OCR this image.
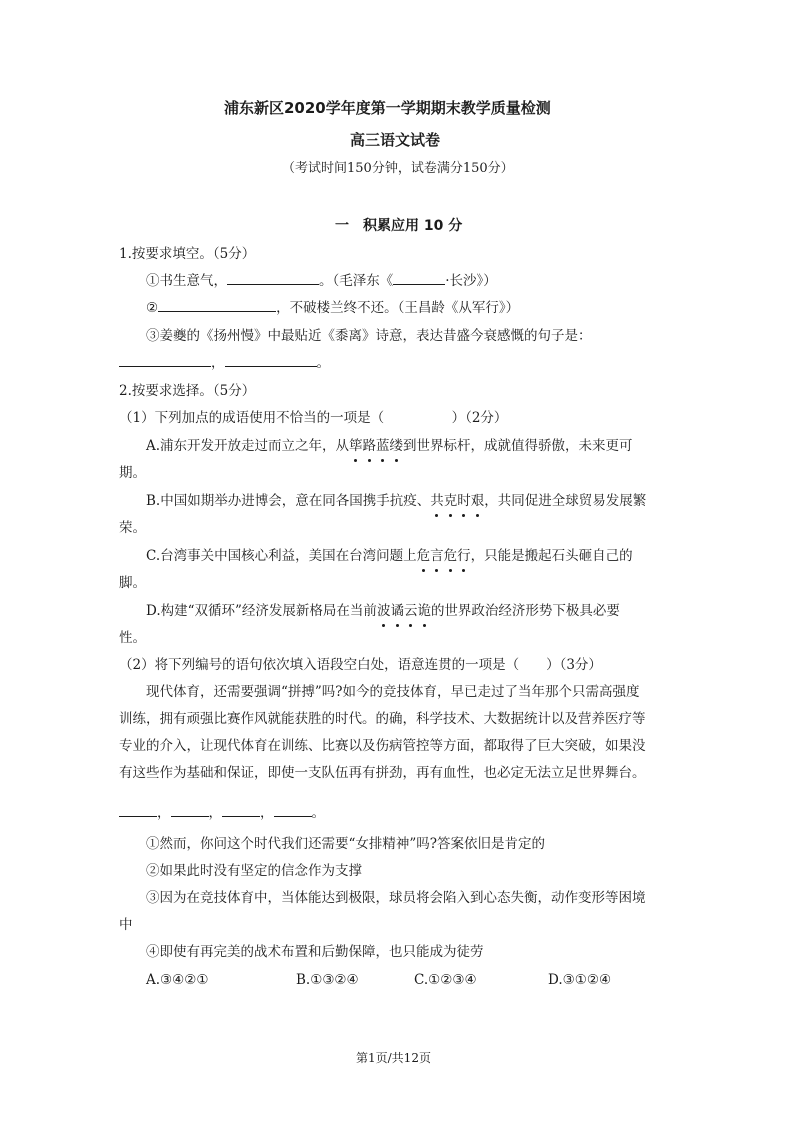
浦东新区2020学年度第一学期期末教学质量检测
高三语文试卷
（考试时间150分钟，试卷满分150分）
一　积累应用 10 分
1.按要求填空。（5分）
①书生意气，	。（毛泽东《	·长沙》）
②	，不破楼兰终不还。（王昌龄《从军行》）
③姜夔的《扬州慢》中最贴近《黍离》诗意，表达昔盛今衰感慨的句子是：
，	。
2.按要求选择。（5分）
（1）下列加点的成语使用不恰当的一项是（　　　　　）（2分）
A.浦东开发开放走过而立之年，从筚路蓝缕到世界标杆，成就值得骄傲，未来更可
期。
B.中国如期举办进博会，意在同各国携手抗疫、共克时艰，共同促进全球贸易发展繁
荣。
C.台湾事关中国核心利益，美国在台湾问题上危言危行，只能是搬起石头砸自己的
脚。
D.构建“双循环”经济发展新格局在当前波谲云诡的世界政治经济形势下极具必要
性。
（2）将下列编号的语句依次填入语段空白处，语意连贯的一项是（　　）（3分）
现代体育，还需要强调“拼搏”吗?如今的竞技体育，早已走过了当年那个只需高强度
训练，拥有顽强比赛作风就能获胜的时代。的确，科学技术、大数据统计以及营养医疗等
专业的介入，让现代体育在训练、比赛以及伤病管控等方面，都取得了巨大突破，如果没
有这些作为基础和保证，即使一支队伍再有拼劲，再有血性，也必定无法立足世界舞台。
，	，	，	。
①然而，你问这个时代我们还需要“女排精神”吗?答案依旧是肯定的
②如果此时没有坚定的信念作为支撑
③因为在竞技体育中，当体能达到极限，球员将会陷入到心态失衡，动作变形等困境
中
④即使有再完美的战术布置和后勤保障，也只能成为徒劳
A.③④②①	B.①③②④	C.①②③④	D.③①②④
第1页/共12页
